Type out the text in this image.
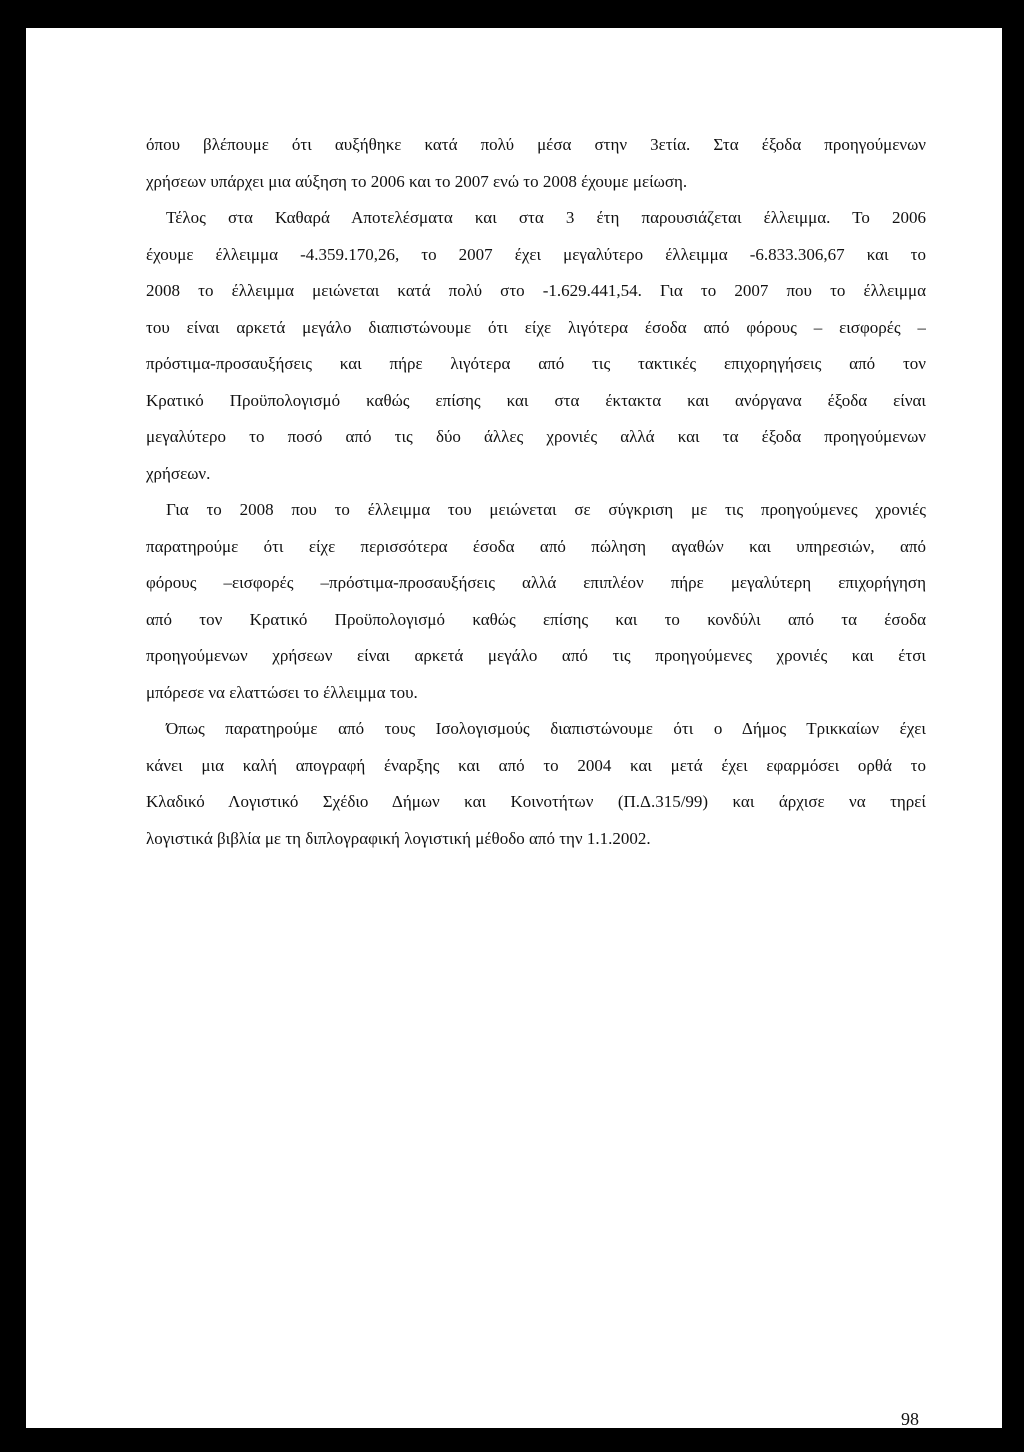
όπου βλέπουμε ότι αυξήθηκε κατά πολύ μέσα στην 3ετία. Στα έξοδα προηγούμενων
χρήσεων υπάρχει μια αύξηση το 2006 και το 2007 ενώ το 2008 έχουμε μείωση.
Τέλος στα Καθαρά Αποτελέσματα και στα 3 έτη παρουσιάζεται έλλειμμα. Το 2006
έχουμε έλλειμμα -4.359.170,26, το 2007 έχει μεγαλύτερο έλλειμμα -6.833.306,67 και το
2008 το έλλειμμα μειώνεται κατά πολύ στο -1.629.441,54. Για το 2007 που το έλλειμμα
του είναι αρκετά μεγάλο διαπιστώνουμε ότι είχε λιγότερα έσοδα από φόρους – εισφορές –
πρόστιμα-προσαυξήσεις και πήρε λιγότερα από τις τακτικές επιχορηγήσεις από τον
Κρατικό Προϋπολογισμό καθώς επίσης και στα έκτακτα και ανόργανα έξοδα είναι
μεγαλύτερο το ποσό από τις δύο άλλες χρονιές αλλά και τα έξοδα προηγούμενων
χρήσεων.
Για το 2008 που το έλλειμμα του μειώνεται σε σύγκριση με τις προηγούμενες χρονιές
παρατηρούμε ότι είχε περισσότερα έσοδα από πώληση αγαθών και υπηρεσιών, από
φόρους –εισφορές –πρόστιμα-προσαυξήσεις αλλά επιπλέον πήρε μεγαλύτερη επιχορήγηση
από τον Κρατικό Προϋπολογισμό καθώς επίσης και το κονδύλι από τα έσοδα
προηγούμενων χρήσεων είναι αρκετά μεγάλο από τις προηγούμενες χρονιές και έτσι
μπόρεσε να ελαττώσει το έλλειμμα του.
Όπως παρατηρούμε από τους Ισολογισμούς διαπιστώνουμε ότι ο Δήμος Τρικκαίων έχει
κάνει μια καλή απογραφή έναρξης και από το 2004 και μετά έχει εφαρμόσει ορθά το
Κλαδικό Λογιστικό Σχέδιο Δήμων και Κοινοτήτων (Π.Δ.315/99) και άρχισε να τηρεί
λογιστικά βιβλία με τη διπλογραφική λογιστική μέθοδο από την 1.1.2002.
98
